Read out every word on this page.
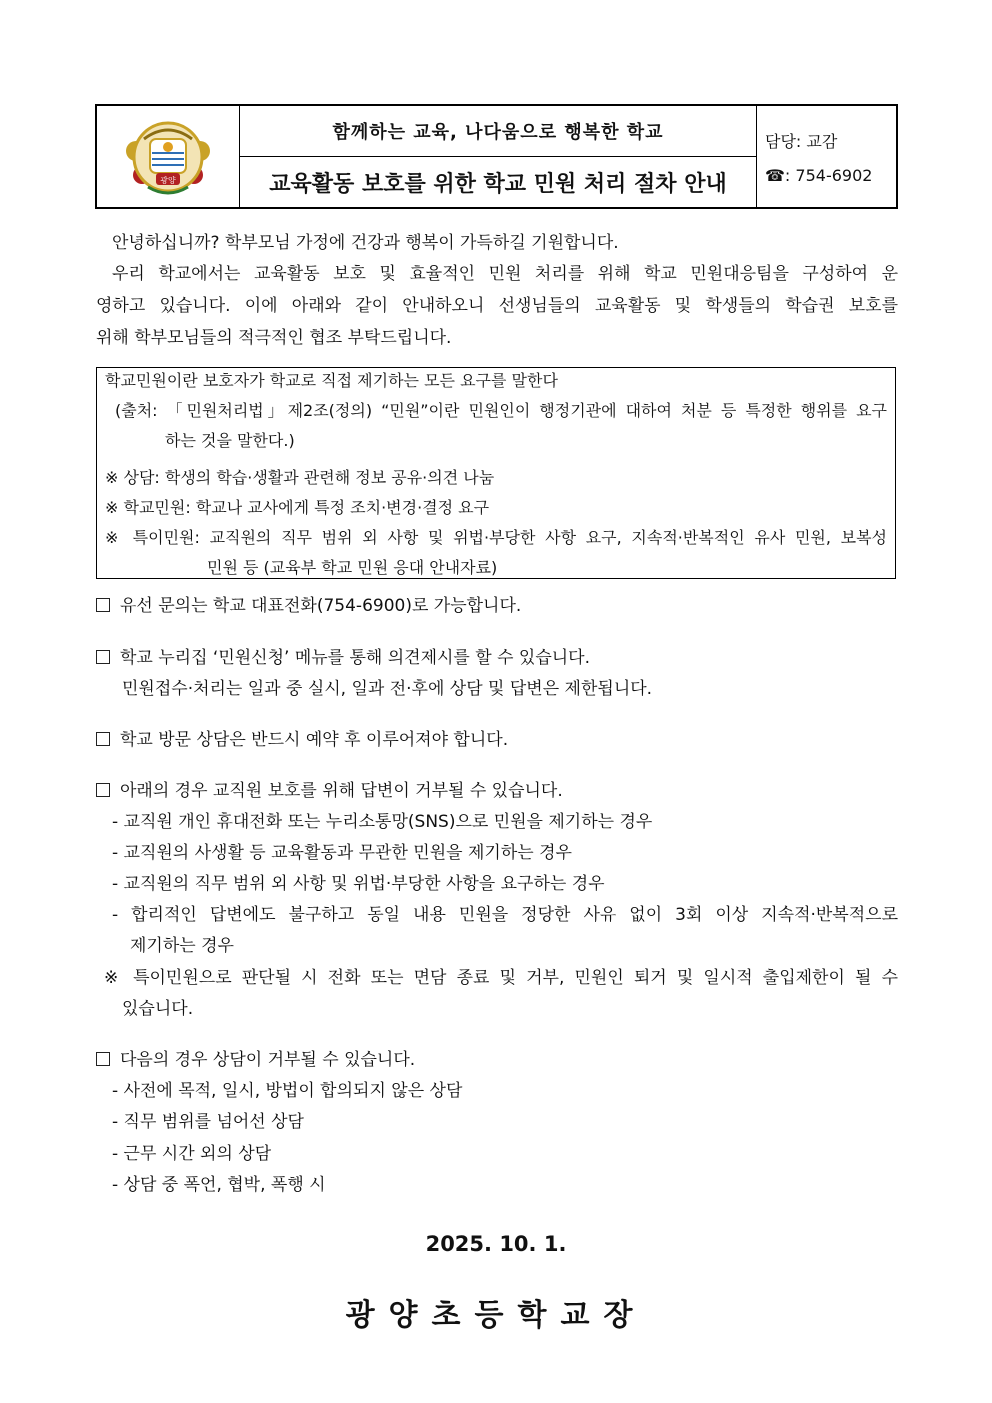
광양
함께하는 교육, 나다움으로 행복한 학교
교육활동 보호를 위한 학교 민원 처리 절차 안내
담당: 교감
☎: 754-6902
안녕하십니까? 학부모님 가정에 건강과 행복이 가득하길 기원합니다.
우리 학교에서는 교육활동 보호 및 효율적인 민원 처리를 위해 학교 민원대응팀을 구성하여 운
영하고 있습니다. 이에 아래와 같이 안내하오니 선생님들의 교육활동 및 학생들의 학습권 보호를
위해 학부모님들의 적극적인 협조 부탁드립니다.
학교민원이란 보호자가 학교로 직접 제기하는 모든 요구를 말한다
(출처: 「민원처리법」제2조(정의) “민원”이란 민원인이 행정기관에 대하여 처분 등 특정한 행위를 요구
하는 것을 말한다.)
※ 상담: 학생의 학습·생활과 관련해 정보 공유·의견 나눔
※ 학교민원: 학교나 교사에게 특정 조치·변경·결정 요구
※ 특이민원: 교직원의 직무 범위 외 사항 및 위법·부당한 사항 요구, 지속적·반복적인 유사 민원, 보복성
민원 등 (교육부 학교 민원 응대 안내자료)
유선 문의는 학교 대표전화(754-6900)로 가능합니다.
학교 누리집 ‘민원신청’ 메뉴를 통해 의견제시를 할 수 있습니다.
민원접수·처리는 일과 중 실시, 일과 전·후에 상담 및 답변은 제한됩니다.
학교 방문 상담은 반드시 예약 후 이루어져야 합니다.
아래의 경우 교직원 보호를 위해 답변이 거부될 수 있습니다.
- 교직원 개인 휴대전화 또는 누리소통망(SNS)으로 민원을 제기하는 경우
- 교직원의 사생활 등 교육활동과 무관한 민원을 제기하는 경우
- 교직원의 직무 범위 외 사항 및 위법·부당한 사항을 요구하는 경우
- 합리적인 답변에도 불구하고 동일 내용 민원을 정당한 사유 없이 3회 이상 지속적·반복적으로
제기하는 경우
※ 특이민원으로 판단될 시 전화 또는 면담 종료 및 거부, 민원인 퇴거 및 일시적 출입제한이 될 수
있습니다.
다음의 경우 상담이 거부될 수 있습니다.
- 사전에 목적, 일시, 방법이 합의되지 않은 상담
- 직무 범위를 넘어선 상담
- 근무 시간 외의 상담
- 상담 중 폭언, 협박, 폭행 시
2025. 10. 1.
광양초등학교장
